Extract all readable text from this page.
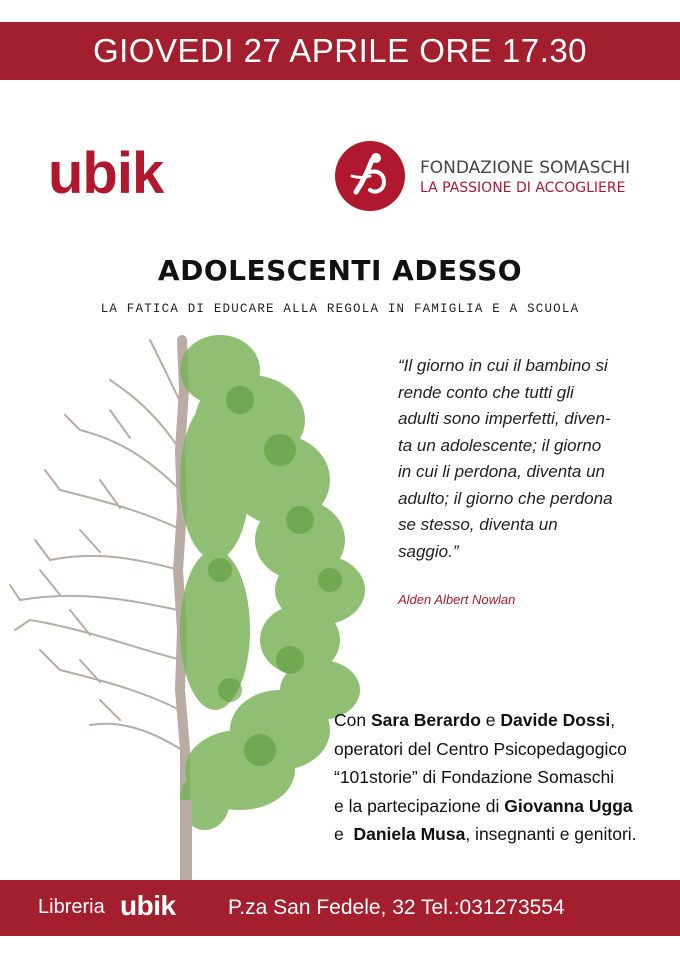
GIOVEDI 27 APRILE ORE 17.30
ubik	FONDAZIONE SOMASCHI
LA PASSIONE DI ACCOGLIERE
ADOLESCENTI ADESSO
LA FATICA DI EDUCARE ALLA REGOLA IN FAMIGLIA E A SCUOLA
“Il giorno in cui il bambino si
rende conto che tutti gli
adulti sono imperfetti, diven-
ta un adolescente; il giorno
in cui li perdona, diventa un
adulto; il giorno che perdona
se stesso, diventa un
saggio.”
Alden Albert Nowlan
Con Sara Berardo e Davide Dossi,
operatori del Centro Psicopedagogico
“101storie” di Fondazione Somaschi
e la partecipazione di Giovanna Ugga
e Daniela Musa, insegnanti e genitori.
Libreria ubik P.za San Fedele, 32 Tel.:031273554
